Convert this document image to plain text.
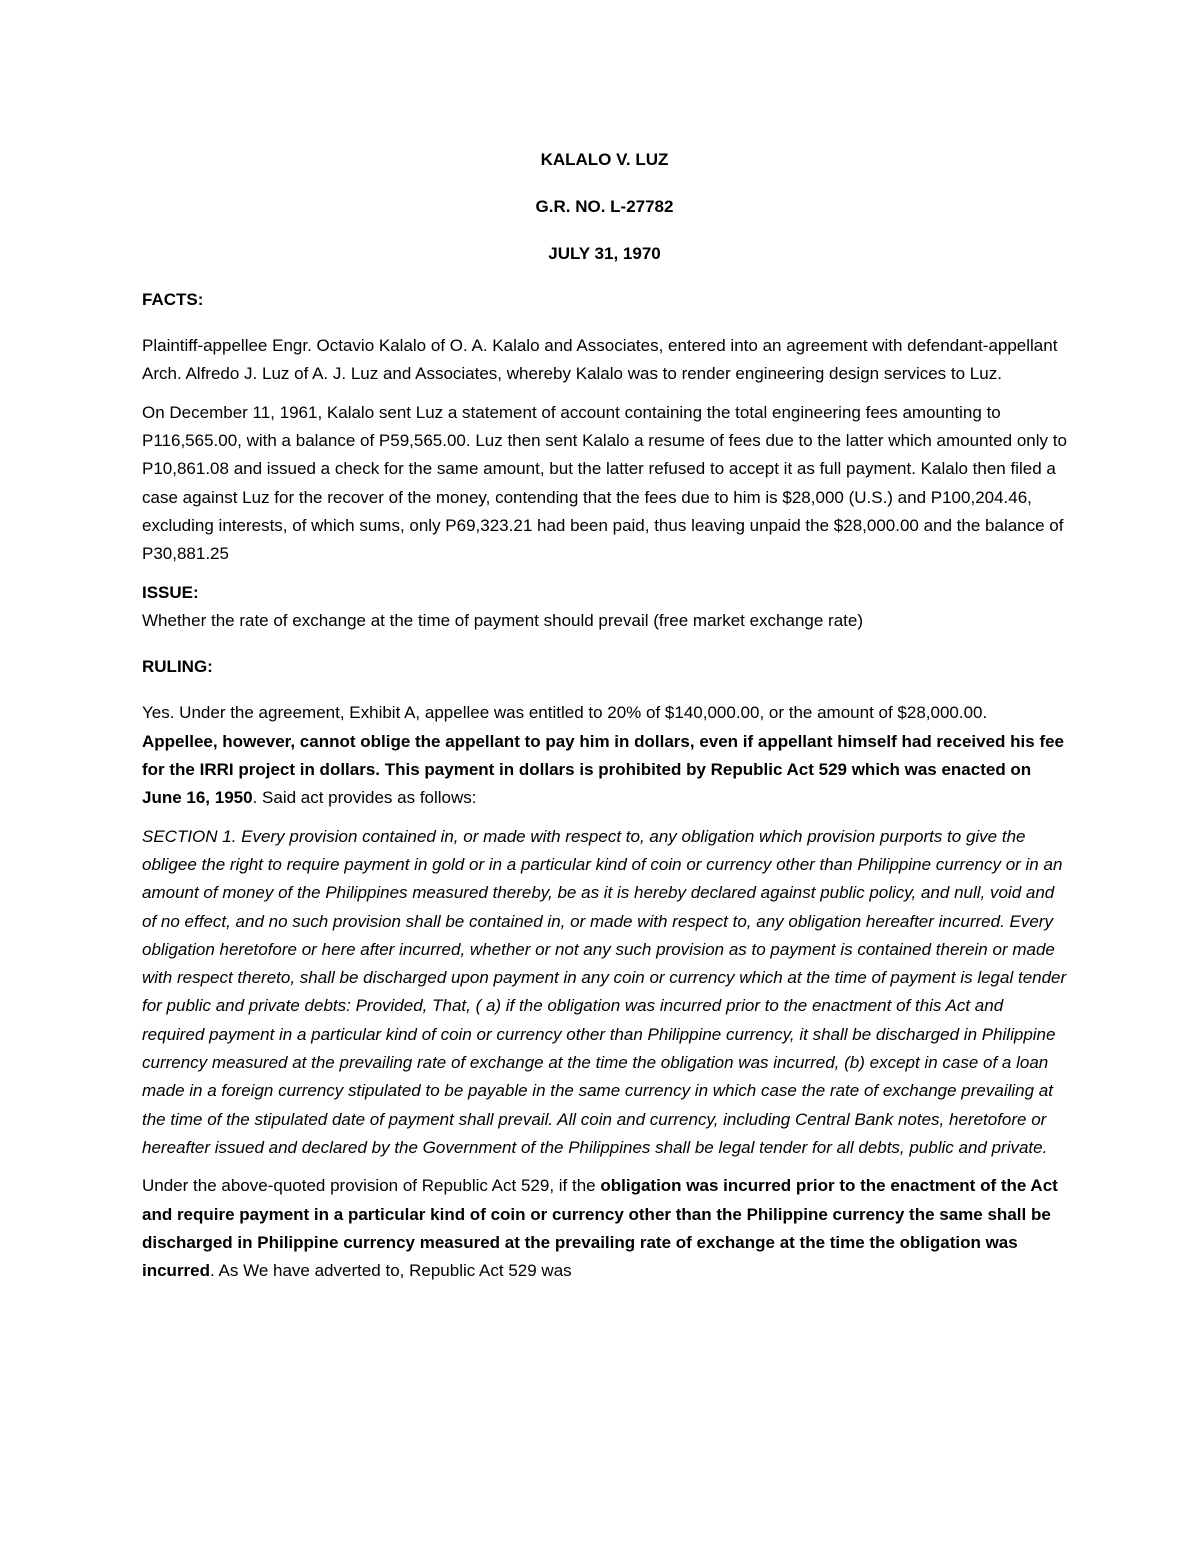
KALALO V. LUZ

G.R. NO. L-27782

JULY 31, 1970

FACTS:

Plaintiff-appellee Engr. Octavio Kalalo of O. A. Kalalo and Associates, entered into an agreement with defendant-appellant Arch. Alfredo J. Luz of A. J. Luz and Associates, whereby Kalalo was to render engineering design services to Luz.

On December 11, 1961, Kalalo sent Luz a statement of account containing the total engineering fees amounting to P116,565.00, with a balance of P59,565.00. Luz then sent Kalalo a resume of fees due to the latter which amounted only to P10,861.08 and issued a check for the same amount, but the latter refused to accept it as full payment. Kalalo then filed a case against Luz for the recover of the money, contending that the fees due to him is $28,000 (U.S.) and P100,204.46, excluding interests, of which sums, only P69,323.21 had been paid, thus leaving unpaid the $28,000.00 and the balance of P30,881.25

ISSUE:

Whether the rate of exchange at the time of payment should prevail (free market exchange rate)

RULING:

Yes. Under the agreement, Exhibit A, appellee was entitled to 20% of $140,000.00, or the amount of $28,000.00. Appellee, however, cannot oblige the appellant to pay him in dollars, even if appellant himself had received his fee for the IRRI project in dollars. This payment in dollars is prohibited by Republic Act 529 which was enacted on June 16, 1950. Said act provides as follows:

SECTION 1. Every provision contained in, or made with respect to, any obligation which provision purports to give the obligee the right to require payment in gold or in a particular kind of coin or currency other than Philippine currency or in an amount of money of the Philippines measured thereby, be as it is hereby declared against public policy, and null, void and of no effect, and no such provision shall be contained in, or made with respect to, any obligation hereafter incurred. Every obligation heretofore or here after incurred, whether or not any such provision as to payment is contained therein or made with respect thereto, shall be discharged upon payment in any coin or currency which at the time of payment is legal tender for public and private debts: Provided, That, ( a) if the obligation was incurred prior to the enactment of this Act and required payment in a particular kind of coin or currency other than Philippine currency, it shall be discharged in Philippine currency measured at the prevailing rate of exchange at the time the obligation was incurred, (b) except in case of a loan made in a foreign currency stipulated to be payable in the same currency in which case the rate of exchange prevailing at the time of the stipulated date of payment shall prevail. All coin and currency, including Central Bank notes, heretofore or hereafter issued and declared by the Government of the Philippines shall be legal tender for all debts, public and private.

Under the above-quoted provision of Republic Act 529, if the obligation was incurred prior to the enactment of the Act and require payment in a particular kind of coin or currency other than the Philippine currency the same shall be discharged in Philippine currency measured at the prevailing rate of exchange at the time the obligation was incurred. As We have adverted to, Republic Act 529 was
